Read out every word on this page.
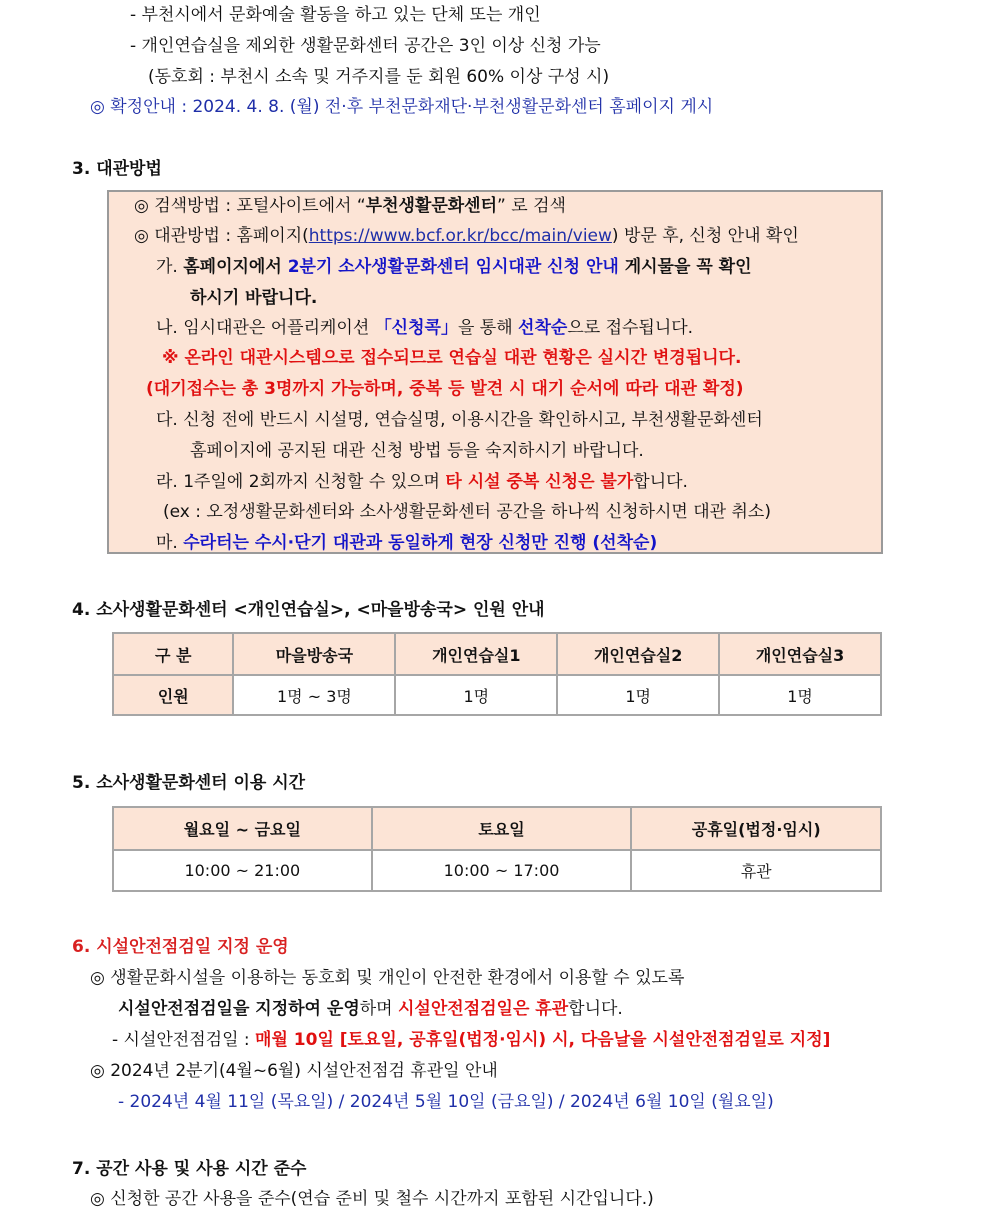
- 부천시에서 문화예술 활동을 하고 있는 단체 또는 개인
- 개인연습실을 제외한 생활문화센터 공간은 3인 이상 신청 가능
(동호회 : 부천시 소속 및 거주지를 둔 회원 60% 이상 구성 시)
◎ 확정안내 : 2024. 4. 8. (월) 전·후 부천문화재단·부천생활문화센터 홈페이지 게시
3. 대관방법
◎ 검색방법 : 포털사이트에서 “부천생활문화센터” 로 검색
◎ 대관방법 : 홈페이지(https://www.bcf.or.kr/bcc/main/view) 방문 후, 신청 안내 확인
가. 홈페이지에서 2분기 소사생활문화센터 임시대관 신청 안내 게시물을 꼭 확인
하시기 바랍니다.
나. 임시대관은 어플리케이션 「신청콕」을 통해 선착순으로 접수됩니다.
※ 온라인 대관시스템으로 접수되므로 연습실 대관 현황은 실시간 변경됩니다.
(대기접수는 총 3명까지 가능하며, 중복 등 발견 시 대기 순서에 따라 대관 확정)
다. 신청 전에 반드시 시설명, 연습실명, 이용시간을 확인하시고, 부천생활문화센터
홈페이지에 공지된 대관 신청 방법 등을 숙지하시기 바랍니다.
라. 1주일에 2회까지 신청할 수 있으며 타 시설 중복 신청은 불가합니다.
(ex : 오정생활문화센터와 소사생활문화센터 공간을 하나씩 신청하시면 대관 취소)
마. 수라터는 수시·단기 대관과 동일하게 현장 신청만 진행 (선착순)
4. 소사생활문화센터 <개인연습실>, <마을방송국> 인원 안내
구 분	마을방송국	개인연습실1	개인연습실2	개인연습실3
인원	1명 ~ 3명	1명	1명	1명
5. 소사생활문화센터 이용 시간
월요일 ~ 금요일	토요일	공휴일(법정·임시)
10:00 ~ 21:00	10:00 ~ 17:00	휴관
6. 시설안전점검일 지정 운영
◎ 생활문화시설을 이용하는 동호회 및 개인이 안전한 환경에서 이용할 수 있도록
시설안전점검일을 지정하여 운영하며 시설안전점검일은 휴관합니다.
- 시설안전점검일 : 매월 10일 [토요일, 공휴일(법정·임시) 시, 다음날을 시설안전점검일로 지정]
◎ 2024년 2분기(4월~6월) 시설안전점검 휴관일 안내
- 2024년 4월 11일 (목요일) / 2024년 5월 10일 (금요일) / 2024년 6월 10일 (월요일)
7. 공간 사용 및 사용 시간 준수
◎ 신청한 공간 사용을 준수(연습 준비 및 철수 시간까지 포함된 시간입니다.)
